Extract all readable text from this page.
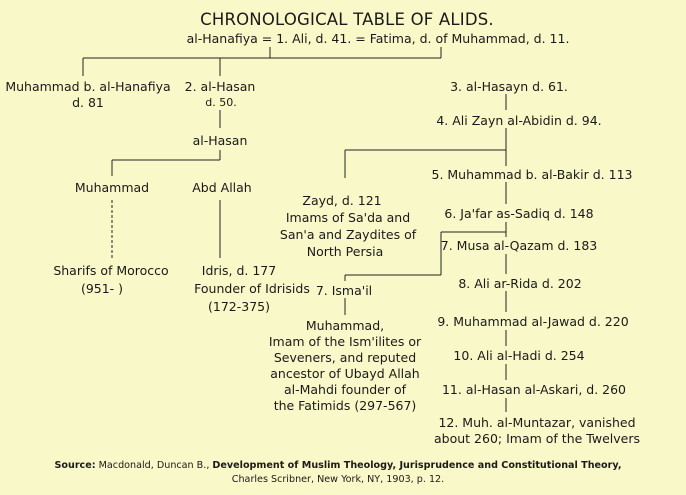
CHRONOLOGICAL TABLE OF ALIDS.
al-Hanafiya = 1. Ali, d. 41. = Fatima, d. of Muhammad, d. 11.
Muhammad b. al-Hanafiya
d. 81
2. al-Hasan
d. 50.
al-Hasan
Muhammad	Abd Allah
Sharifs of Morocco
(951- )
Idris, d. 177
Founder of Idrisids
(172-375)
Zayd, d. 121
Imams of Sa'da and
San'a and Zaydites of
North Persia
7. Isma'il
Muhammad,
Imam of the Ism'ilites or
Seveners, and reputed
ancestor of Ubayd Allah
al-Mahdi founder of
the Fatimids (297-567)
3. al-Hasayn d. 61.
4. Ali Zayn al-Abidin d. 94.
5. Muhammad b. al-Bakir d. 113
6. Ja'far as-Sadiq d. 148
7. Musa al-Qazam d. 183
8. Ali ar-Rida d. 202
9. Muhammad al-Jawad d. 220
10. Ali al-Hadi d. 254
11. al-Hasan al-Askari, d. 260
12. Muh. al-Muntazar, vanished
about 260; Imam of the Twelvers
Source: Macdonald, Duncan B., Development of Muslim Theology, Jurisprudence and Constitutional Theory,
Charles Scribner, New York, NY, 1903, p. 12.
